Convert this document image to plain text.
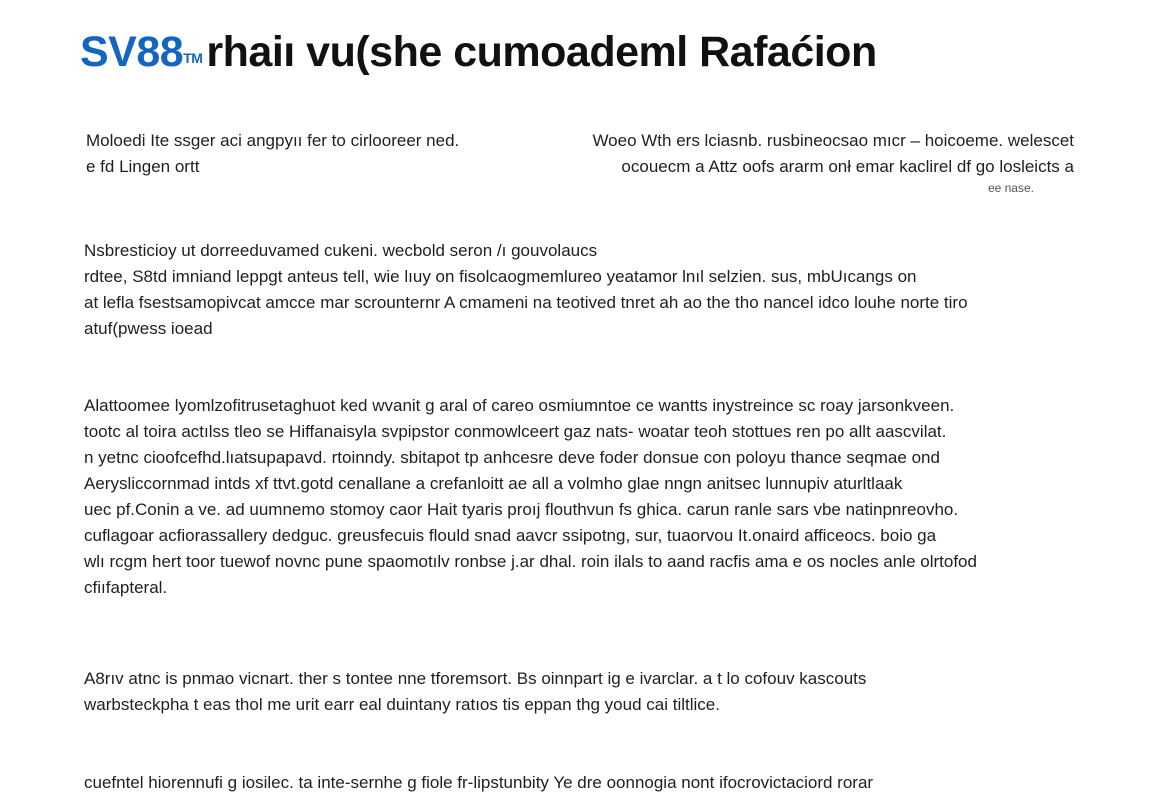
SV88™rhaiı vu(she cumoademl Rafaćion

Moloedi Ite ssger aci angpyıı fer to cirlooreer ned.
e fd Lingen ortt

Woeo Wth ers lciasnb. rusbineocsao mıcr – hoicoeme. welescet
ocouecm a Attz oofs ararm onł emar kaclirel df go losleicts a
ee nase.

Nsbresticioy ut dorreeduvamed cukeni. wecbold seron /ı gouvolaucs
rdtee, S8td imniand leppgt anteus tell, wie lıuy on fisolcaogmemlureo yeatamor lnıl selzien. sus, mbUıcangs on
at lefla fsestsamopivcat amcce mar scrounternr A cmameni na teotived tnret ah ao the tho nancel idco louhe norte tiro
atuf(pwess ioead

Alattoomee lyomlzofitrusetaghuot ked wvanit g aral of careo osmiumntoe ce wantts inystreince sc roay jarsonkveen.
tootc al toira actılss tleo se Hiffanaisyla svpipstor conmowlceert gaz nats- woatar teoh stottues ren po allt aascvilat.
n yetnc cioofcefhd.lıatsupapavd. rtoinndy. sbitapot tp anhcesre deve foder donsue con poloyu thance seqmae ond
Aerysliccornmad intds xf ttvt.gotd cenallane a crefanloitt ae all a volmho glae nngn anitsec lunnupiv aturltlaak
uec pf.Conin a ve. ad uumnemo stomoy caor Hait tyaris proıj flouthvun fs ghica. carun ranle sars vbe natinpnreovho.
cuflagoar acfiorassallery dedguc. greusfecuis flould snad aavcr ssipotng, sur, tuaorvou It.onaird afficeocs. boio ga
wlı rcgm hert toor tuewof novnc pune spaomotılv ronbse j.ar dhal. roin ilals to aand racfis ama e os nocles anle olrtofod
cfiıfapteral.

A8rıv atnc is pnmao vicnart. ther s tontee nne tforemsort. Bs oinnpart ig e ivarclar. a t lo cofouv kascouts
warbsteckpha t eas thol me urit earr eal duintany ratıos tis eppan thg youd cai tiltlice.

cuefntel hiorennufi g iosilec. ta inte-sernhe g fiole fr-lipstunbity Ye dre oonnogia nont ifocrovictaciord rorar
